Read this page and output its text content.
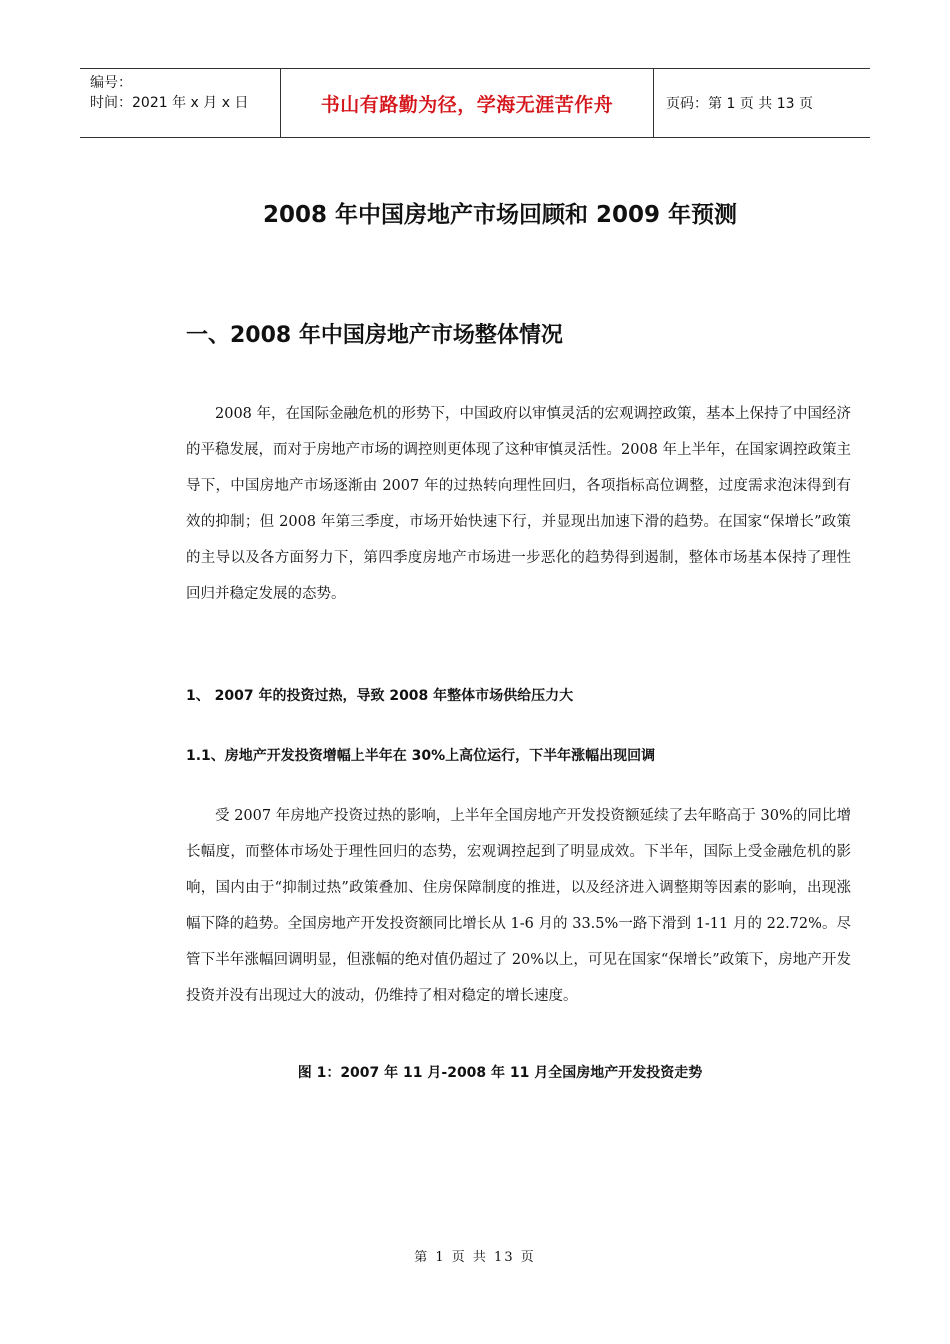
编号：
时间：2021 年 x 月 x 日	书山有路勤为径，学海无涯苦作舟	页码：第 1 页 共 13 页
2008 年中国房地产市场回顾和 2009 年预测
一、2008 年中国房地产市场整体情况

2008 年，在国际金融危机的形势下，中国政府以审慎灵活的宏观调控政策，基本上保持了中国经济的平稳发展，而对于房地产市场的调控则更体现了这种审慎灵活性。2008 年上半年，在国家调控政策主导下，中国房地产市场逐渐由 2007 年的过热转向理性回归，各项指标高位调整，过度需求泡沫得到有效的抑制；但 2008 年第三季度，市场开始快速下行，并显现出加速下滑的趋势。在国家“保增长”政策的主导以及各方面努力下，第四季度房地产市场进一步恶化的趋势得到遏制，整体市场基本保持了理性回归并稳定发展的态势。

1、 2007 年的投资过热，导致 2008 年整体市场供给压力大
1.1、房地产开发投资增幅上半年在 30%上高位运行，下半年涨幅出现回调

受 2007 年房地产投资过热的影响，上半年全国房地产开发投资额延续了去年略高于 30%的同比增长幅度，而整体市场处于理性回归的态势，宏观调控起到了明显成效。下半年，国际上受金融危机的影响，国内由于“抑制过热”政策叠加、住房保障制度的推进，以及经济进入调整期等因素的影响，出现涨幅下降的趋势。全国房地产开发投资额同比增长从 1-6 月的 33.5%一路下滑到 1-11 月的 22.72%。尽管下半年涨幅回调明显，但涨幅的绝对值仍超过了 20%以上，可见在国家“保增长”政策下，房地产开发投资并没有出现过大的波动，仍维持了相对稳定的增长速度。

图 1：2007 年 11 月-2008 年 11 月全国房地产开发投资走势
第 1 页 共 13 页
